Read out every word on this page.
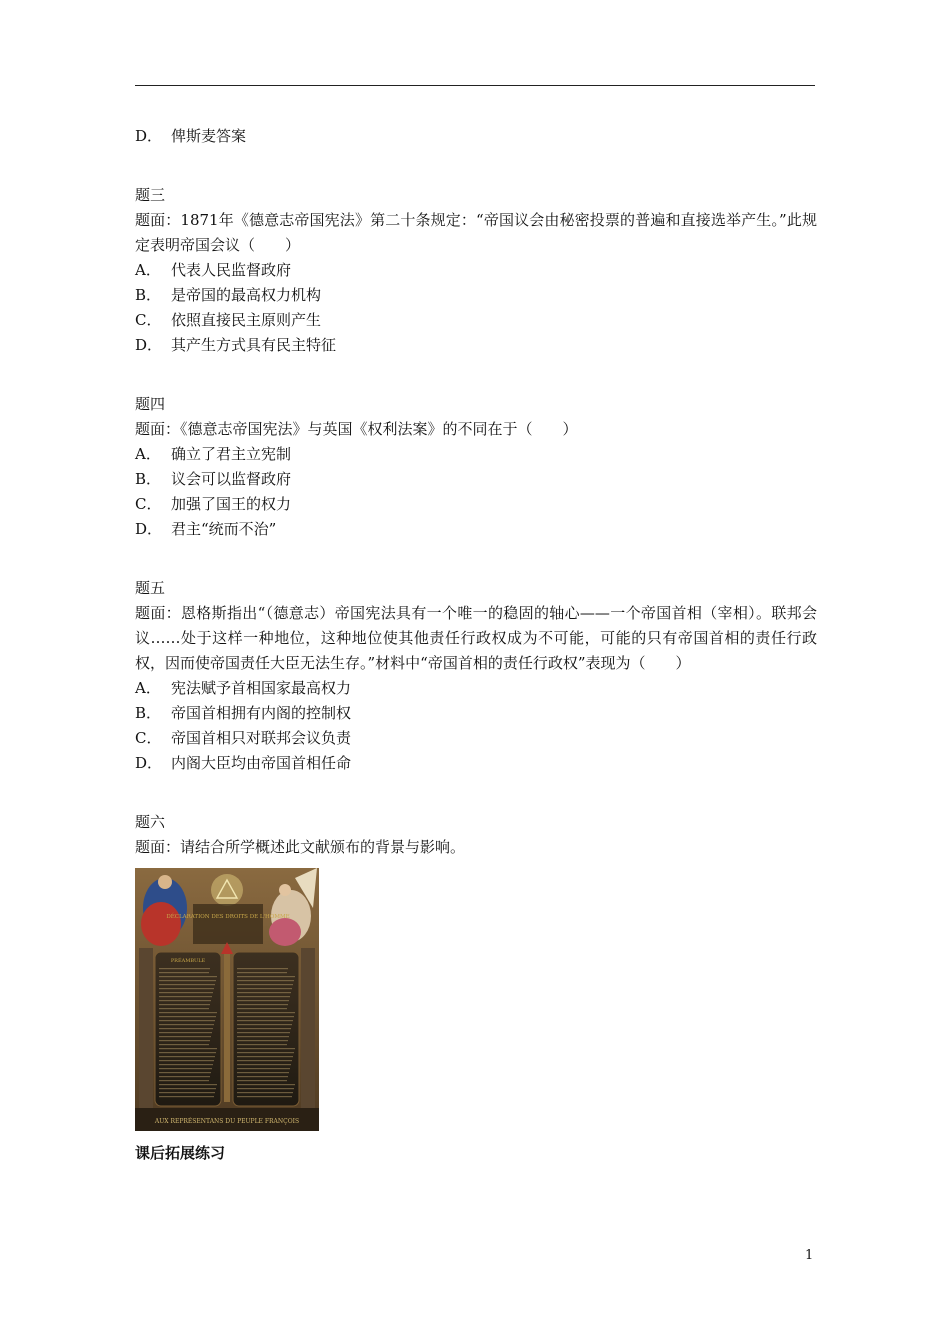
D． 俾斯麦答案
题三
题面：1871年《德意志帝国宪法》第二十条规定：“帝国议会由秘密投票的普遍和直接选举产生。”此规定表明帝国会议（　　）
A． 代表人民监督政府
B． 是帝国的最高权力机构
C． 依照直接民主原则产生
D． 其产生方式具有民主特征
题四
题面：《德意志帝国宪法》与英国《权利法案》的不同在于（　　）
A． 确立了君主立宪制
B． 议会可以监督政府
C． 加强了国王的权力
D． 君主“统而不治”
题五
题面：恩格斯指出“（德意志）帝国宪法具有一个唯一的稳固的轴心——一个帝国首相（宰相）。联邦会议……处于这样一种地位，这种地位使其他责任行政权成为不可能，可能的只有帝国首相的责任行政权，因而使帝国责任大臣无法生存。”材料中“帝国首相的责任行政权”表现为（　　）
A． 宪法赋予首相国家最高权力
B． 帝国首相拥有内阁的控制权
C． 帝国首相只对联邦会议负责
D． 内阁大臣均由帝国首相任命
题六
题面：请结合所学概述此文献颁布的背景与影响。
DÉCLARATION DES DROITS DE L'HOMME
PRÉAMBULE
AUX REPRÉSENTANS DU PEUPLE FRANÇOIS
课后拓展练习
1
